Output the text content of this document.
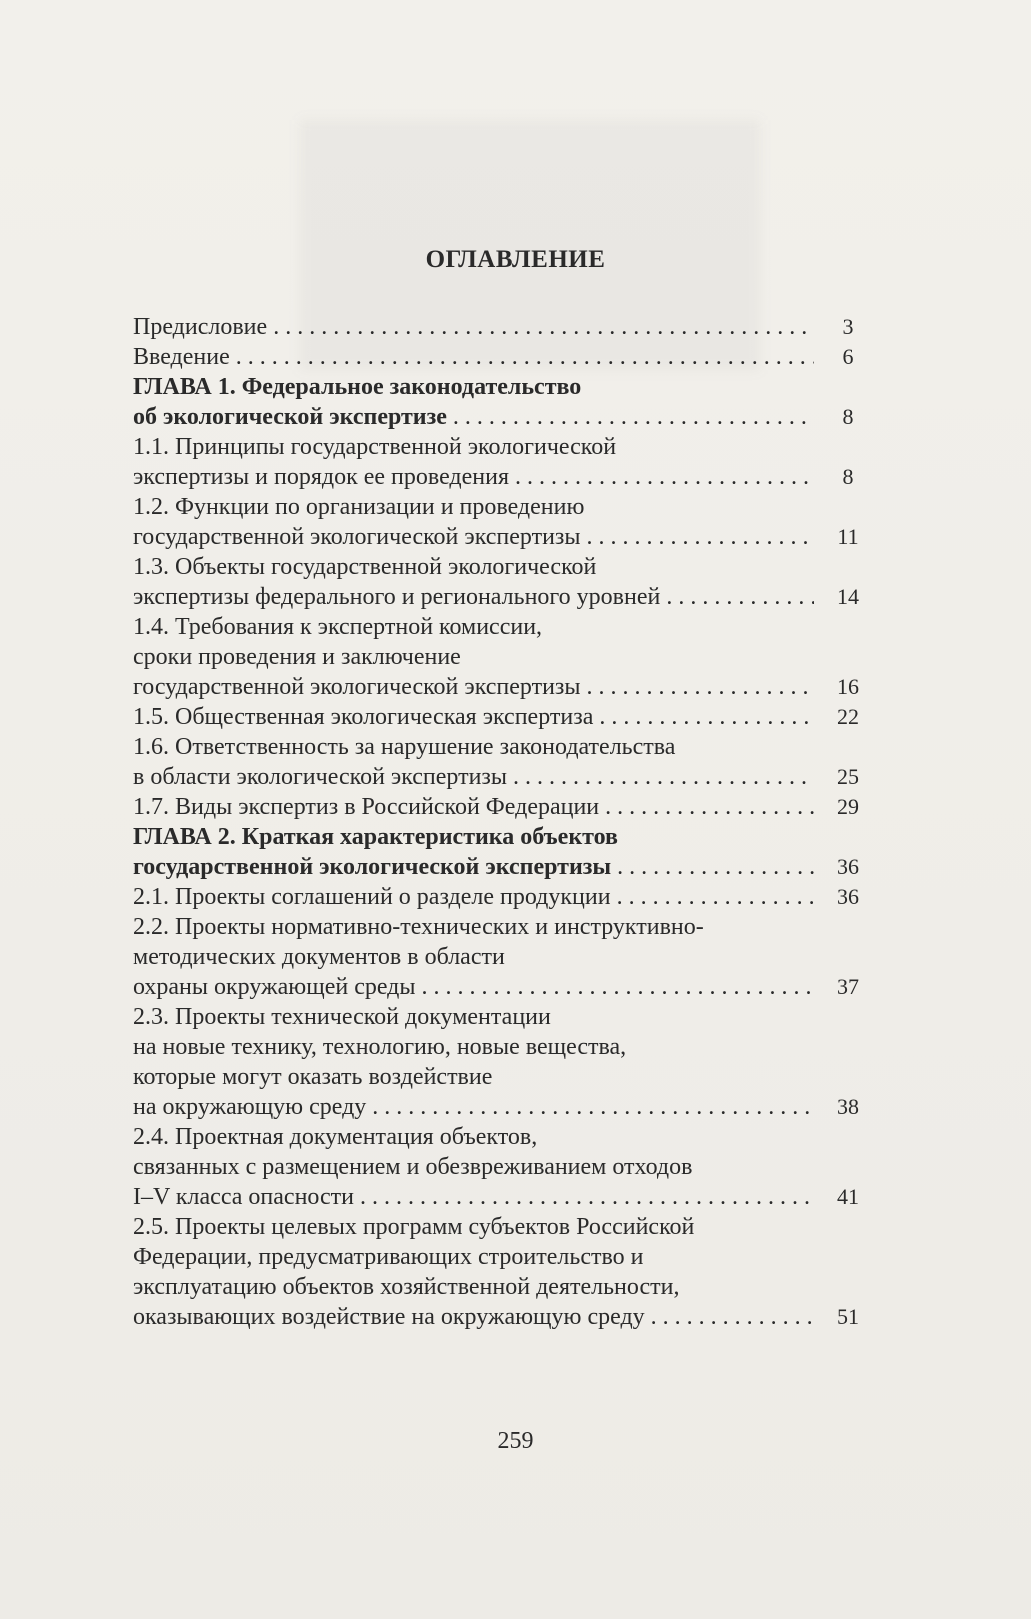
ОГЛАВЛЕНИЕ
Предисловие . . .	3
Введение . . .	6
ГЛАВА 1. Федеральное законодательство
об экологической экспертизе . . .	8
1.1. Принципы государственной экологической
экспертизы и порядок ее проведения . . .	8
1.2. Функции по организации и проведению
государственной экологической экспертизы . . .	11
1.3. Объекты государственной экологической
экспертизы федерального и регионального уровней . . .	14
1.4. Требования к экспертной комиссии,
сроки проведения и заключение
государственной экологической экспертизы . . .	16
1.5. Общественная экологическая экспертиза . . .	22
1.6. Ответственность за нарушение законодательства
в области экологической экспертизы . . .	25
1.7. Виды экспертиз в Российской Федерации . . .	29
ГЛАВА 2. Краткая характеристика объектов
государственной экологической экспертизы . . .	36
2.1. Проекты соглашений о разделе продукции . . .	36
2.2. Проекты нормативно-технических и инструктивно-
методических документов в области
охраны окружающей среды . . .	37
2.3. Проекты технической документации
на новые технику, технологию, новые вещества,
которые могут оказать воздействие
на окружающую среду . . .	38
2.4. Проектная документация объектов,
связанных с размещением и обезвреживанием отходов
I–V класса опасности . . .	41
2.5. Проекты целевых программ субъектов Российской
Федерации, предусматривающих строительство и
эксплуатацию объектов хозяйственной деятельности,
оказывающих воздействие на окружающую среду . . .	51
259
